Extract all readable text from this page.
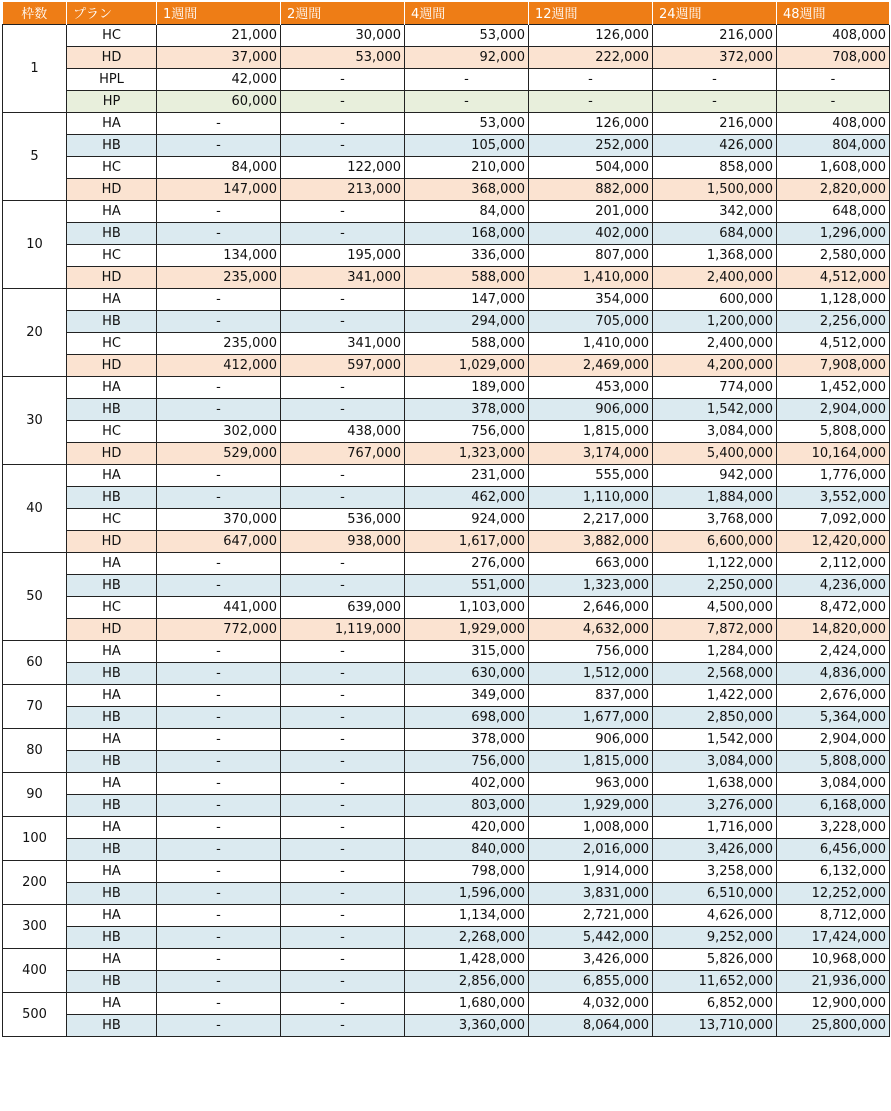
枠数	プラン	1週間	2週間	4週間	12週間	24週間	48週間
1	HC	21,000	30,000	53,000	126,000	216,000	408,000
	HD	37,000	53,000	92,000	222,000	372,000	708,000
	HPL	42,000	-	-	-	-	-
	HP	60,000	-	-	-	-	-
5	HA	-	-	53,000	126,000	216,000	408,000
	HB	-	-	105,000	252,000	426,000	804,000
	HC	84,000	122,000	210,000	504,000	858,000	1,608,000
	HD	147,000	213,000	368,000	882,000	1,500,000	2,820,000
10	HA	-	-	84,000	201,000	342,000	648,000
	HB	-	-	168,000	402,000	684,000	1,296,000
	HC	134,000	195,000	336,000	807,000	1,368,000	2,580,000
	HD	235,000	341,000	588,000	1,410,000	2,400,000	4,512,000
20	HA	-	-	147,000	354,000	600,000	1,128,000
	HB	-	-	294,000	705,000	1,200,000	2,256,000
	HC	235,000	341,000	588,000	1,410,000	2,400,000	4,512,000
	HD	412,000	597,000	1,029,000	2,469,000	4,200,000	7,908,000
30	HA	-	-	189,000	453,000	774,000	1,452,000
	HB	-	-	378,000	906,000	1,542,000	2,904,000
	HC	302,000	438,000	756,000	1,815,000	3,084,000	5,808,000
	HD	529,000	767,000	1,323,000	3,174,000	5,400,000	10,164,000
40	HA	-	-	231,000	555,000	942,000	1,776,000
	HB	-	-	462,000	1,110,000	1,884,000	3,552,000
	HC	370,000	536,000	924,000	2,217,000	3,768,000	7,092,000
	HD	647,000	938,000	1,617,000	3,882,000	6,600,000	12,420,000
50	HA	-	-	276,000	663,000	1,122,000	2,112,000
	HB	-	-	551,000	1,323,000	2,250,000	4,236,000
	HC	441,000	639,000	1,103,000	2,646,000	4,500,000	8,472,000
	HD	772,000	1,119,000	1,929,000	4,632,000	7,872,000	14,820,000
60	HA	-	-	315,000	756,000	1,284,000	2,424,000
	HB	-	-	630,000	1,512,000	2,568,000	4,836,000
70	HA	-	-	349,000	837,000	1,422,000	2,676,000
	HB	-	-	698,000	1,677,000	2,850,000	5,364,000
80	HA	-	-	378,000	906,000	1,542,000	2,904,000
	HB	-	-	756,000	1,815,000	3,084,000	5,808,000
90	HA	-	-	402,000	963,000	1,638,000	3,084,000
	HB	-	-	803,000	1,929,000	3,276,000	6,168,000
100	HA	-	-	420,000	1,008,000	1,716,000	3,228,000
	HB	-	-	840,000	2,016,000	3,426,000	6,456,000
200	HA	-	-	798,000	1,914,000	3,258,000	6,132,000
	HB	-	-	1,596,000	3,831,000	6,510,000	12,252,000
300	HA	-	-	1,134,000	2,721,000	4,626,000	8,712,000
	HB	-	-	2,268,000	5,442,000	9,252,000	17,424,000
400	HA	-	-	1,428,000	3,426,000	5,826,000	10,968,000
	HB	-	-	2,856,000	6,855,000	11,652,000	21,936,000
500	HA	-	-	1,680,000	4,032,000	6,852,000	12,900,000
	HB	-	-	3,360,000	8,064,000	13,710,000	25,800,000
